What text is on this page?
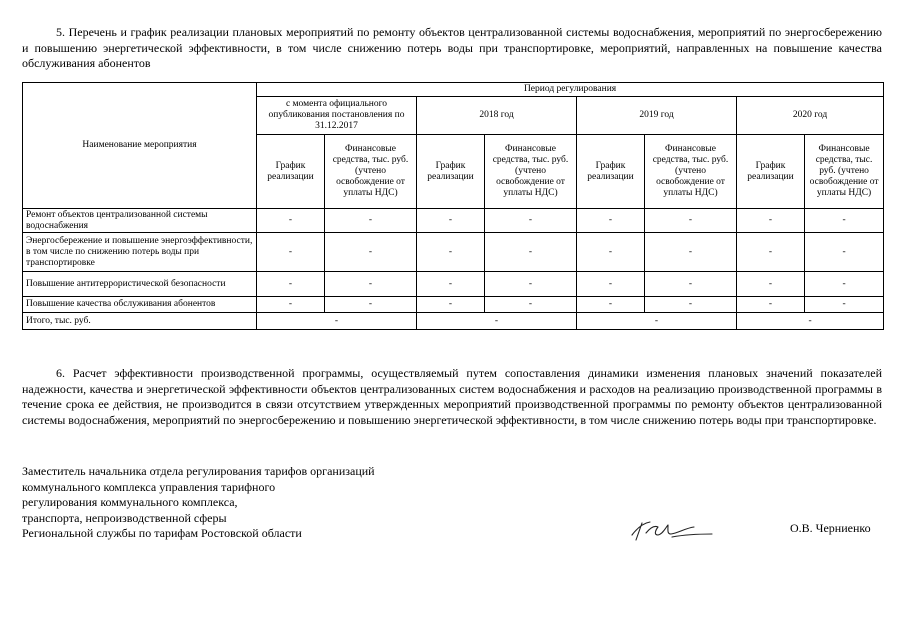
5. Перечень и график реализации плановых мероприятий по ремонту объектов централизованной системы водоснабжения, мероприятий по энергосбережению и повышению энергетической эффективности, в том числе снижению потерь воды при транспортировке, мероприятий, направленных на повышение качества обслуживания абонентов

Наименование мероприятия	Период регулирования							
	с момента официального опубликования постановления по 31.12.2017		2018 год		2019 год		2020 год	
	График реализации	Финансовые средства, тыс. руб. (учтено освобождение от уплаты НДС)	График реализации	Финансовые средства, тыс. руб. (учтено освобождение от уплаты НДС)	График реализации	Финансовые средства, тыс. руб. (учтено освобождение от уплаты НДС)	График реализации	Финансовые средства, тыс. руб. (учтено освобождение от уплаты НДС)
Ремонт объектов централизованной системы водоснабжения	-	-	-	-	-	-	-	-
Энергосбережение и повышение энергоэффективности, в том числе по снижению потерь воды при транспортировке	-	-	-	-	-	-	-	-
Повышение антитеррористической безопасности	-	-	-	-	-	-	-	-
Повышение качества обслуживания абонентов	-	-	-	-	-	-	-	-
Итого, тыс. руб.	-		-		-		-	

6. Расчет эффективности производственной программы, осуществляемый путем сопоставления динамики изменения плановых значений показателей надежности, качества и энергетической эффективности объектов централизованных систем водоснабжения и расходов на реализацию производственной программы в течение срока ее действия, не производится в связи отсутствием утвержденных мероприятий производственной программы по ремонту объектов централизованной системы водоснабжения, мероприятий по энергосбережению и повышению энергетической эффективности, в том числе снижению потерь воды при транспортировке.

Заместитель начальника отдела регулирования тарифов организаций
коммунального комплекса управления тарифного
регулирования коммунального комплекса,
транспорта, непроизводственной сферы
Региональной службы по тарифам Ростовской области	О.В. Черниенко
